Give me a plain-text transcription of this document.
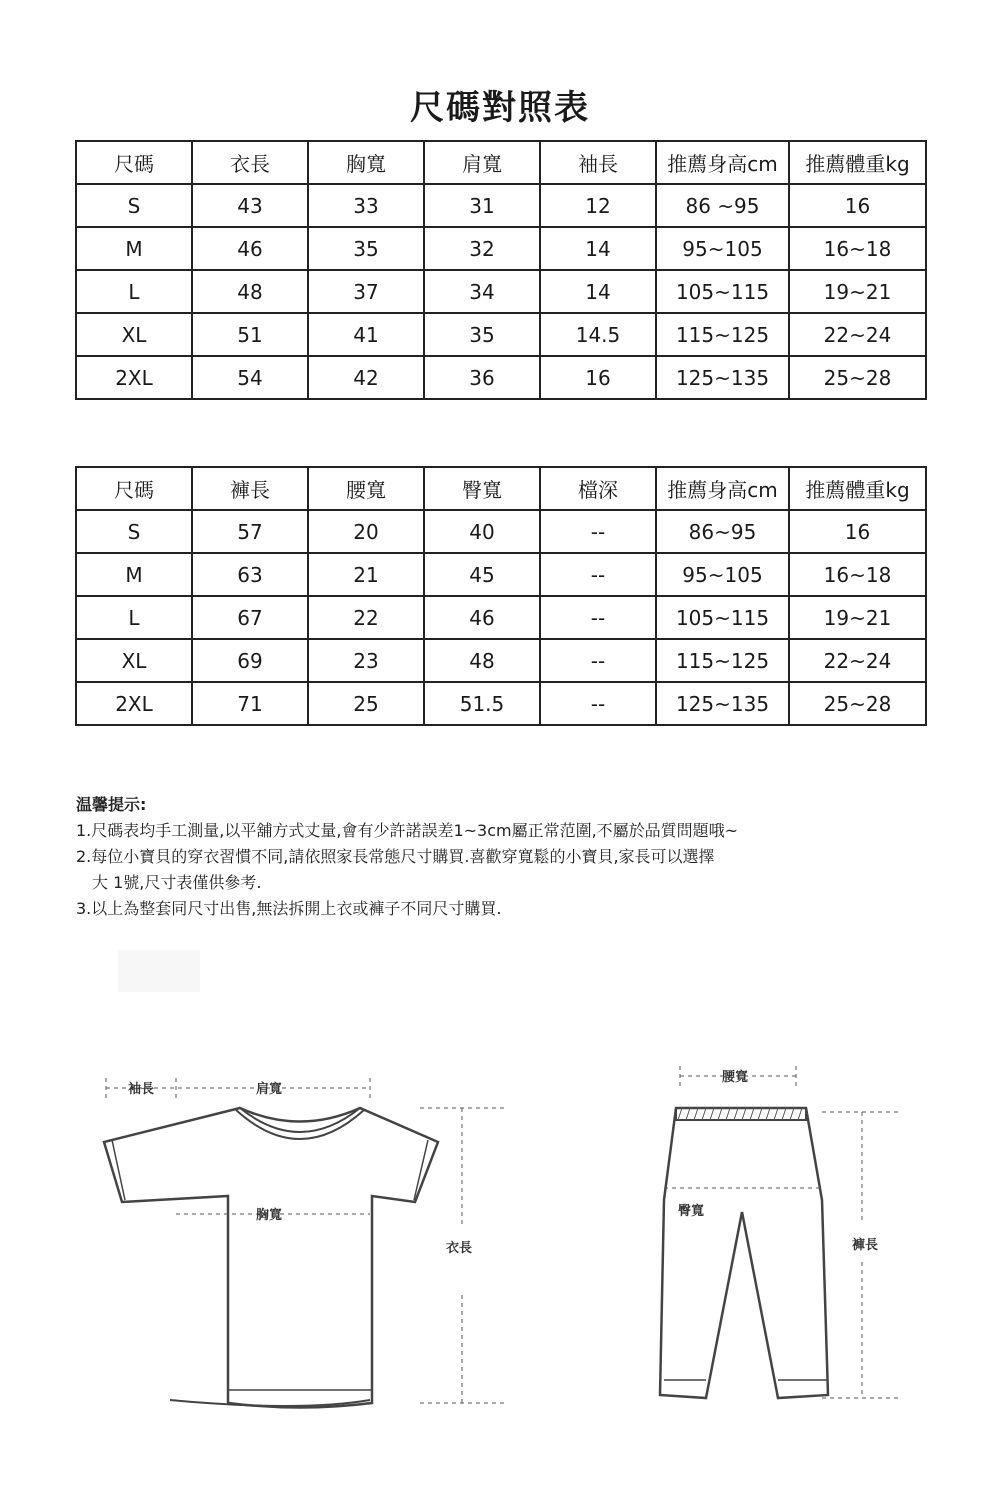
尺碼對照表
尺碼	衣長	胸寬	肩寬	袖長	推薦身高cm	推薦體重kg
S	43	33	31	12	86 ~95	16
M	46	35	32	14	95~105	16~18
L	48	37	34	14	105~115	19~21
XL	51	41	35	14.5	115~125	22~24
2XL	54	42	36	16	125~135	25~28
尺碼	褲長	腰寬	臀寬	檔深	推薦身高cm	推薦體重kg
S	57	20	40	--	86~95	16
M	63	21	45	--	95~105	16~18
L	67	22	46	--	105~115	19~21
XL	69	23	48	--	115~125	22~24
2XL	71	25	51.5	--	125~135	25~28
温馨提示:
1.尺碼表均手工測量,以平舖方式丈量,會有少許諾誤差1~3cm屬正常范圍,不屬於品質問題哦~
2.每位小寶貝的穿衣習慣不同,請依照家長常態尺寸購買.喜歡穿寬鬆的小寶貝,家長可以選擇
大 1號,尺寸表僅供參考.
3.以上為整套同尺寸出售,無法拆開上衣或褲子不同尺寸購買.
袖長	肩寬
胸寬
衣長
腰寬
臀寬
褲長
